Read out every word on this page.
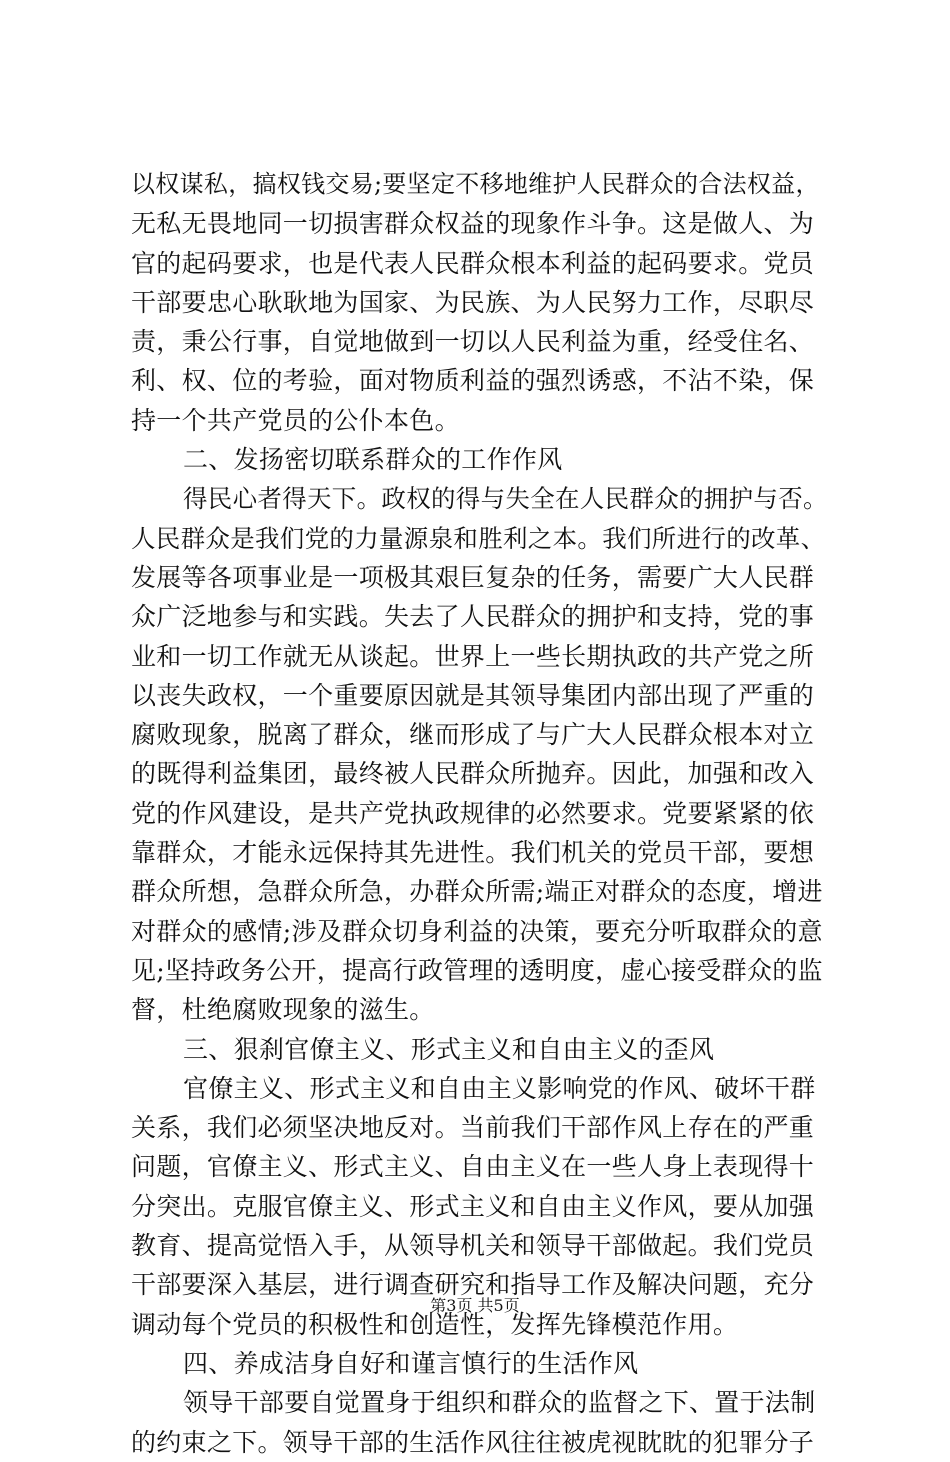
以权谋私，搞权钱交易;要坚定不移地维护人民群众的合法权益，
无私无畏地同一切损害群众权益的现象作斗争。这是做人、为
官的起码要求，也是代表人民群众根本利益的起码要求。党员
干部要忠心耿耿地为国家、为民族、为人民努力工作，尽职尽
责，秉公行事，自觉地做到一切以人民利益为重，经受住名、
利、权、位的考验，面对物质利益的强烈诱惑，不沾不染，保
持一个共产党员的公仆本色。
二、发扬密切联系群众的工作作风
得民心者得天下。政权的得与失全在人民群众的拥护与否。
人民群众是我们党的力量源泉和胜利之本。我们所进行的改革、
发展等各项事业是一项极其艰巨复杂的任务，需要广大人民群
众广泛地参与和实践。失去了人民群众的拥护和支持，党的事
业和一切工作就无从谈起。世界上一些长期执政的共产党之所
以丧失政权，一个重要原因就是其领导集团内部出现了严重的
腐败现象，脱离了群众，继而形成了与广大人民群众根本对立
的既得利益集团，最终被人民群众所抛弃。因此，加强和改入
党的作风建设，是共产党执政规律的必然要求。党要紧紧的依
靠群众，才能永远保持其先进性。我们机关的党员干部，要想
群众所想，急群众所急，办群众所需;端正对群众的态度，增进
对群众的感情;涉及群众切身利益的决策，要充分听取群众的意
见;坚持政务公开，提高行政管理的透明度，虚心接受群众的监
督，杜绝腐败现象的滋生。
三、狠刹官僚主义、形式主义和自由主义的歪风
官僚主义、形式主义和自由主义影响党的作风、破坏干群
关系，我们必须坚决地反对。当前我们干部作风上存在的严重
问题，官僚主义、形式主义、自由主义在一些人身上表现得十
分突出。克服官僚主义、形式主义和自由主义作风，要从加强
教育、提高觉悟入手，从领导机关和领导干部做起。我们党员
干部要深入基层，进行调查研究和指导工作及解决问题，充分
调动每个党员的积极性和创造性，发挥先锋模范作用。
四、养成洁身自好和谨言慎行的生活作风
领导干部要自觉置身于组织和群众的监督之下、置于法制
的约束之下。领导干部的生活作风往往被虎视眈眈的犯罪分子
第3页 共5页
